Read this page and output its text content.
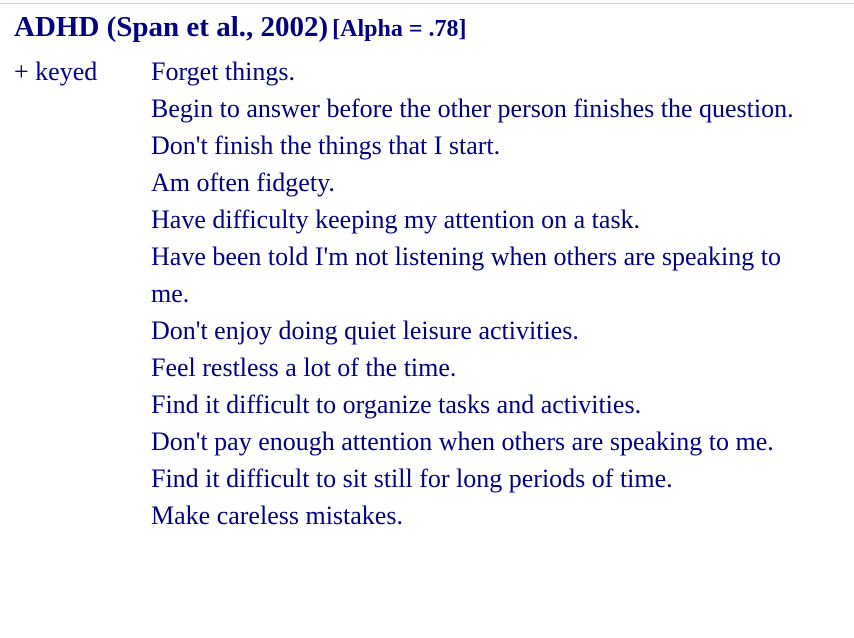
ADHD (Span et al., 2002) [Alpha = .78]
+ keyed	Forget things.
Begin to answer before the other person finishes the question.
Don't finish the things that I start.
Am often fidgety.
Have difficulty keeping my attention on a task.
Have been told I'm not listening when others are speaking to me.
Don't enjoy doing quiet leisure activities.
Feel restless a lot of the time.
Find it difficult to organize tasks and activities.
Don't pay enough attention when others are speaking to me.
Find it difficult to sit still for long periods of time.
Make careless mistakes.
